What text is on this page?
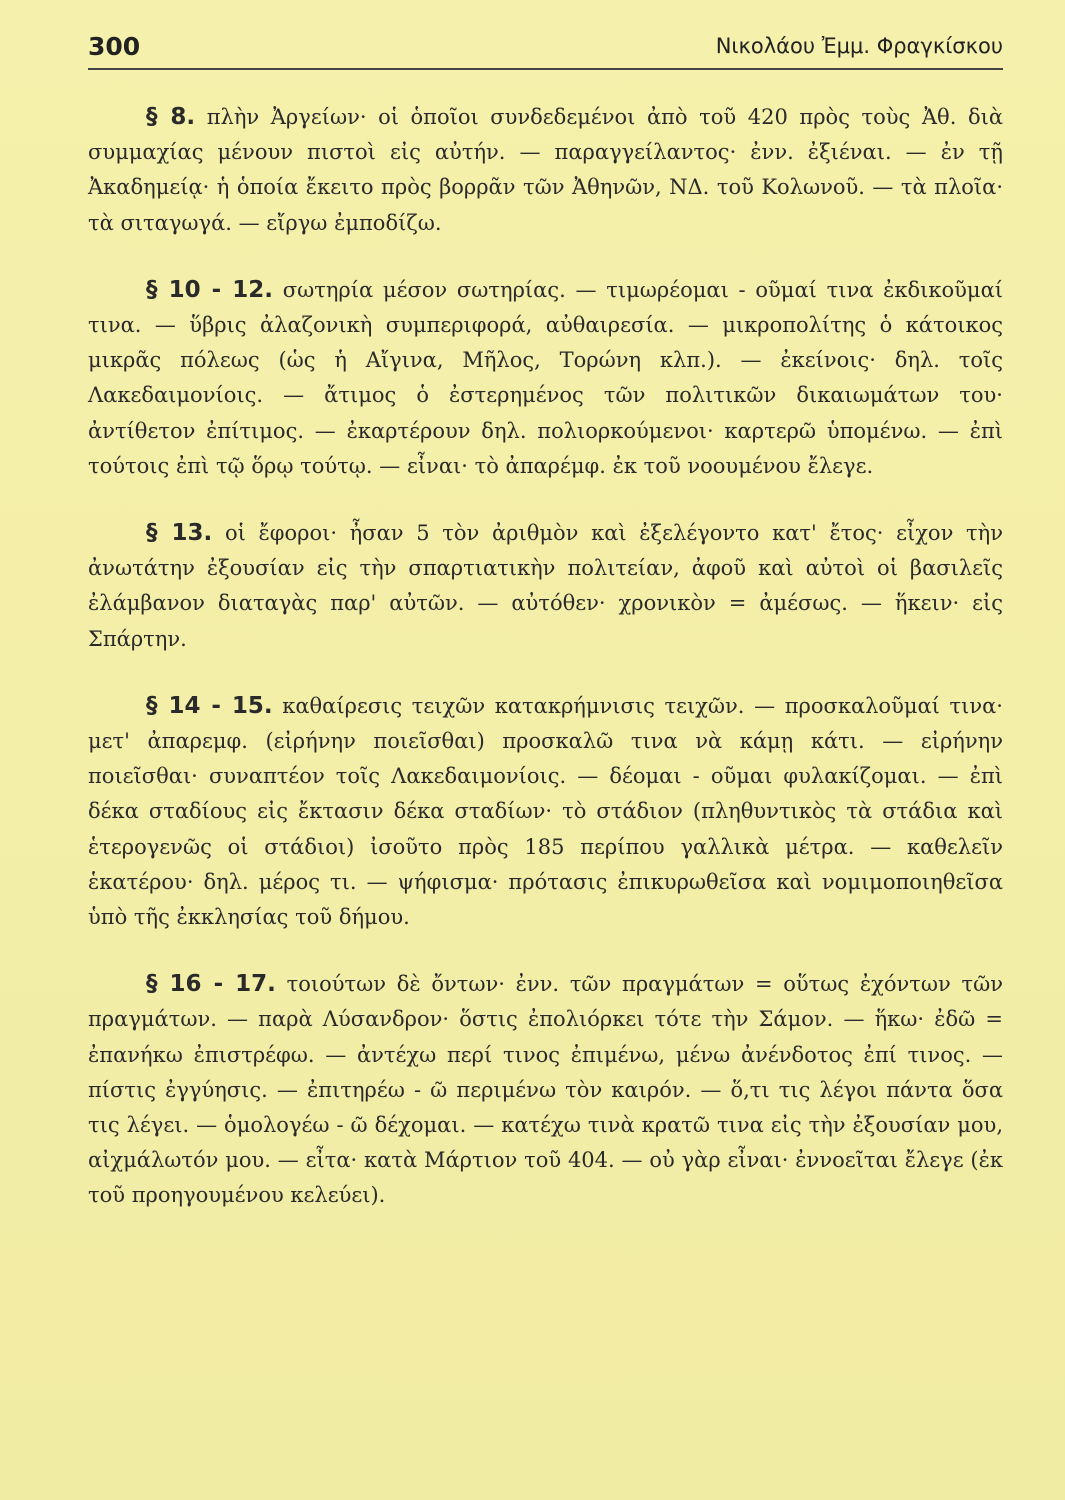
300	Νικολάου Ἐμμ. Φραγκίσκου

§ 8. πλὴν Ἀργείων· οἱ ὁποῖοι συνδεδεμένοι ἀπὸ τοῦ 420 πρὸς τοὺς Ἀθ. διὰ συμμαχίας μένουν πιστοὶ εἰς αὐτήν. — παραγγείλαντος· ἐνν. ἐξιέναι. — ἐν τῇ Ἀκαδημείᾳ· ἡ ὁποία ἔκειτο πρὸς βορρᾶν τῶν Ἀθηνῶν, ΝΔ. τοῦ Κολωνοῦ. — τὰ πλοῖα· τὰ σιταγωγά. — εἴργω ἐμποδίζω.

§ 10 - 12. σωτηρία μέσον σωτηρίας. — τιμωρέομαι - οῦμαί τινα ἐκδικοῦμαί τινα. — ὕβρις ἀλαζονικὴ συμπεριφορά, αὐθαιρεσία. — μικροπολίτης ὁ κάτοικος μικρᾶς πόλεως (ὡς ἡ Αἴγινα, Μῆλος, Τορώνη κλπ.). — ἐκείνοις· δηλ. τοῖς Λακεδαιμονίοις. — ἄτιμος ὁ ἐστερημένος τῶν πολιτικῶν δικαιωμάτων του· ἀντίθετον ἐπίτιμος. — ἐκαρτέρουν δηλ. πολιορκούμενοι· καρτερῶ ὑπομένω. — ἐπὶ τούτοις ἐπὶ τῷ ὅρῳ τούτῳ. — εἶναι· τὸ ἀπαρέμφ. ἐκ τοῦ νοουμένου ἔλεγε.

§ 13. οἱ ἔφοροι· ἦσαν 5 τὸν ἀριθμὸν καὶ ἐξελέγοντο κατ' ἔτος· εἶχον τὴν ἀνωτάτην ἐξουσίαν εἰς τὴν σπαρτιατικὴν πολιτείαν, ἀφοῦ καὶ αὐτοὶ οἱ βασιλεῖς ἐλάμβανον διαταγὰς παρ' αὐτῶν. — αὐτόθεν· χρονικὸν = ἀμέσως. — ἥκειν· εἰς Σπάρτην.

§ 14 - 15. καθαίρεσις τειχῶν κατακρήμνισις τειχῶν. — προσκαλοῦμαί τινα· μετ' ἀπαρεμφ. (εἰρήνην ποιεῖσθαι) προσκαλῶ τινα νὰ κάμῃ κάτι. — εἰρήνην ποιεῖσθαι· συναπτέον τοῖς Λακεδαιμονίοις. — δέομαι - οῦμαι φυλακίζομαι. — ἐπὶ δέκα σταδίους εἰς ἔκτασιν δέκα σταδίων· τὸ στάδιον (πληθυντικὸς τὰ στάδια καὶ ἑτερογενῶς οἱ στάδιοι) ἰσοῦτο πρὸς 185 περίπου γαλλικὰ μέτρα. — καθελεῖν ἑκατέρου· δηλ. μέρος τι. — ψήφισμα· πρότασις ἐπικυρωθεῖσα καὶ νομιμοποιηθεῖσα ὑπὸ τῆς ἐκκλησίας τοῦ δήμου.

§ 16 - 17. τοιούτων δὲ ὄντων· ἐνν. τῶν πραγμάτων = οὕτως ἐχόντων τῶν πραγμάτων. — παρὰ Λύσανδρον· ὅστις ἐπολιόρκει τότε τὴν Σάμον. — ἥκω· ἐδῶ = ἐπανήκω ἐπιστρέφω. — ἀντέχω περί τινος ἐπιμένω, μένω ἀνένδοτος ἐπί τινος. — πίστις ἐγγύησις. — ἐπιτηρέω - ῶ περιμένω τὸν καιρόν. — ὅ,τι τις λέγοι πάντα ὅσα τις λέγει. — ὁμολογέω - ῶ δέχομαι. — κατέχω τινὰ κρατῶ τινα εἰς τὴν ἐξουσίαν μου, αἰχμάλωτόν μου. — εἶτα· κατὰ Μάρτιον τοῦ 404. — οὐ γὰρ εἶναι· ἐννοεῖται ἔλεγε (ἐκ τοῦ προηγουμένου κελεύει).
